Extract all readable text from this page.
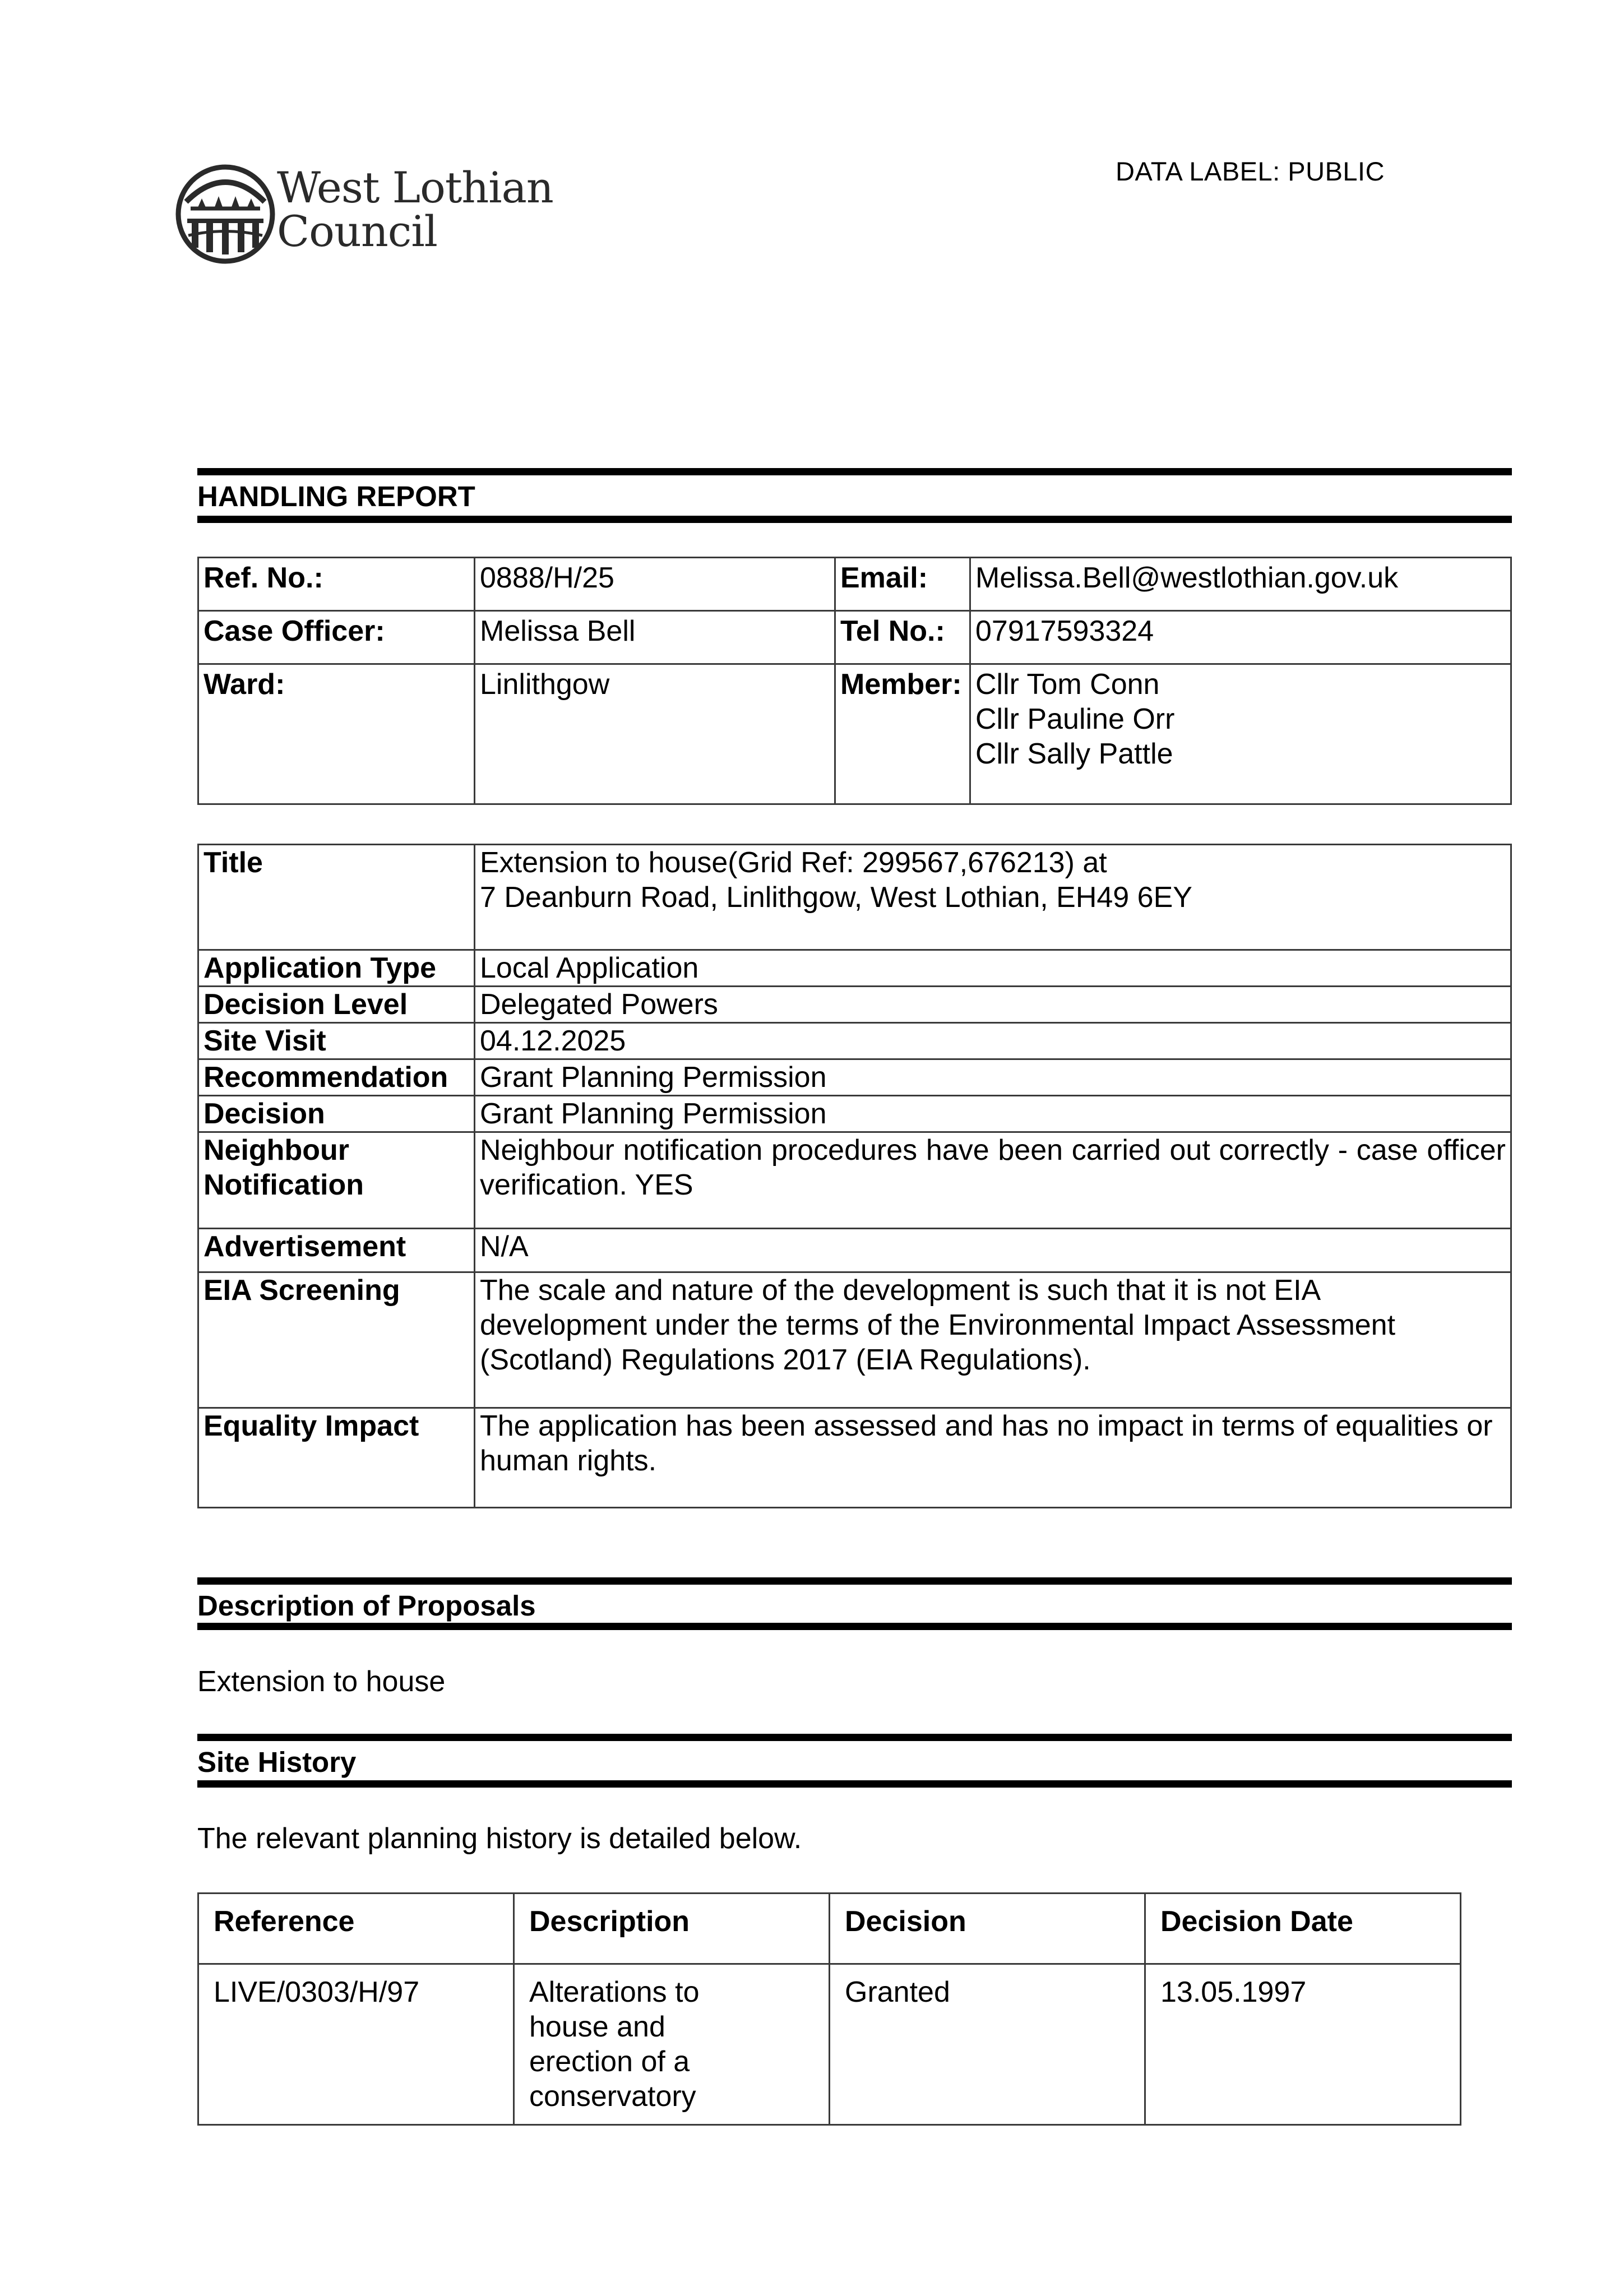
West Lothian
Council
DATA LABEL: PUBLIC
HANDLING REPORT
Ref. No.:	0888/H/25	Email:	Melissa.Bell@westlothian.gov.uk
Case Officer:	Melissa Bell	Tel No.:	07917593324
Ward:	Linlithgow	Member:	Cllr Tom Conn
Cllr Pauline Orr
Cllr Sally Pattle
Title	Extension to house(Grid Ref: 299567,676213) at
7 Deanburn Road, Linlithgow, West Lothian, EH49 6EY

Application Type	Local Application
Decision Level	Delegated Powers
Site Visit	04.12.2025
Recommendation	Grant Planning Permission
Decision	Grant Planning Permission

Neighbour
Notification	Neighbour notification procedures have been carried out correctly - case officer verification. YES
Advertisement	N/A
EIA Screening	The scale and nature of the development is such that it is not EIA
development under the terms of the Environmental Impact Assessment
(Scotland) Regulations 2017 (EIA Regulations).

Equality Impact	The application has been assessed and has no impact in terms of equalities or human rights.
Description of Proposals
Extension to house
Site History
The relevant planning history is detailed below.
Reference	Description	Decision	Decision Date
LIVE/0303/H/97	Alterations to
house and
erection of a
conservatory	Granted	13.05.1997
